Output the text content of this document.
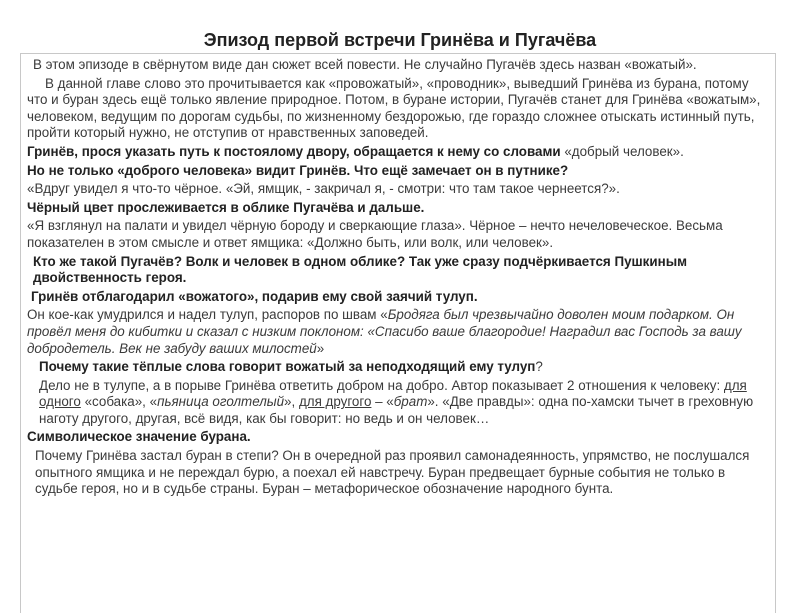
Эпизод первой встречи Гринёва и Пугачёва

В этом эпизоде в свёрнутом виде дан сюжет всей повести. Не случайно Пугачёв здесь назван «вожатый».

В данной главе слово это прочитывается как «провожатый», «проводник», выведший Гринёва из бурана, потому что и буран здесь ещё только явление природное. Потом, в буране истории, Пугачёв станет для Гринёва «вожатым», человеком, ведущим по дорогам судьбы, по жизненному бездорожью, где гораздо сложнее отыскать истинный путь, пройти который нужно, не отступив от нравственных заповедей.

Гринёв, прося указать путь к постоялому двору, обращается к нему со словами «добрый человек».

Но не только «доброго человека» видит Гринёв. Что ещё замечает он в путнике?

«Вдруг увидел я что-то чёрное. «Эй, ямщик, - закричал я, - смотри: что там такое чернеется?».

Чёрный цвет прослеживается в облике Пугачёва и дальше.

«Я взглянул на палати и увидел чёрную бороду и сверкающие глаза». Чёрное – нечто нечеловеческое. Весьма показателен в этом смысле и ответ ямщика: «Должно быть, или волк, или человек».

Кто же такой Пугачёв? Волк и человек в одном облике? Так уже сразу подчёркивается Пушкиным двойственность героя.

Гринёв отблагодарил «вожатого», подарив ему свой заячий тулуп.

Он кое-как умудрился и надел тулуп, распоров по швам «Бродяга был чрезвычайно доволен моим подарком. Он провёл меня до кибитки и сказал с низким поклоном: «Спасибо ваше благородие! Наградил вас Господь за вашу добродетель. Век не забуду ваших милостей»

Почему такие тёплые слова говорит вожатый за неподходящий ему тулуп?

Дело не в тулупе, а в порыве Гринёва ответить добром на добро. Автор показывает 2 отношения к человеку: для одного «собака», «пьяница оголтелый», для другого – «брат». «Две правды»: одна по-хамски тычет в греховную наготу другого, другая, всё видя, как бы говорит: но ведь и он человек…

Символическое значение бурана.

Почему Гринёва застал буран в степи? Он в очередной раз проявил самонадеянность, упрямство, не послушался опытного ямщика и не переждал бурю, а поехал ей навстречу. Буран предвещает бурные события не только в судьбе героя, но и в судьбе страны. Буран – метафорическое обозначение народного бунта.
